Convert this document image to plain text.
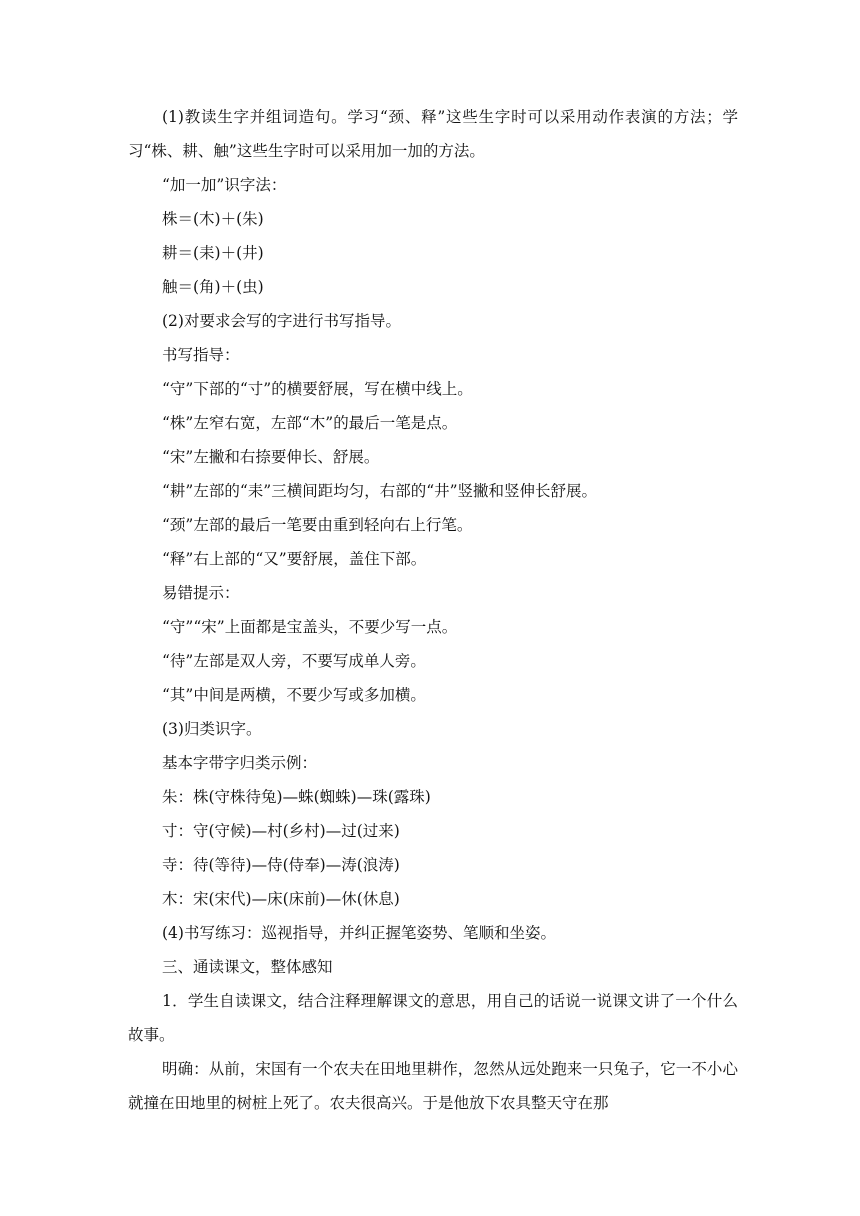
(1)教读生字并组词造句。学习“颈、释”这些生字时可以采用动作表演的方法；学习“株、耕、触”这些生字时可以采用加一加的方法。

“加一加”识字法：

株＝(木)＋(朱)

耕＝(耒)＋(井)

触＝(角)＋(虫)

(2)对要求会写的字进行书写指导。

书写指导：

“守”下部的“寸”的横要舒展，写在横中线上。

“株”左窄右宽，左部“木”的最后一笔是点。

“宋”左撇和右捺要伸长、舒展。

“耕”左部的“耒”三横间距均匀，右部的“井”竖撇和竖伸长舒展。

“颈”左部的最后一笔要由重到轻向右上行笔。

“释”右上部的“又”要舒展，盖住下部。

易错提示：

“守”“宋”上面都是宝盖头，不要少写一点。

“待”左部是双人旁，不要写成单人旁。

“其”中间是两横，不要少写或多加横。

(3)归类识字。

基本字带字归类示例：

朱：株(守株待兔)—蛛(蜘蛛)—珠(露珠)

寸：守(守候)—村(乡村)—过(过来)

寺：待(等待)—侍(侍奉)—涛(浪涛)

木：宋(宋代)—床(床前)—休(休息)

(4)书写练习：巡视指导，并纠正握笔姿势、笔顺和坐姿。

三、通读课文，整体感知

1．学生自读课文，结合注释理解课文的意思，用自己的话说一说课文讲了一个什么故事。

明确：从前，宋国有一个农夫在田地里耕作，忽然从远处跑来一只兔子，它一不小心就撞在田地里的树桩上死了。农夫很高兴。于是他放下农具整天守在那
